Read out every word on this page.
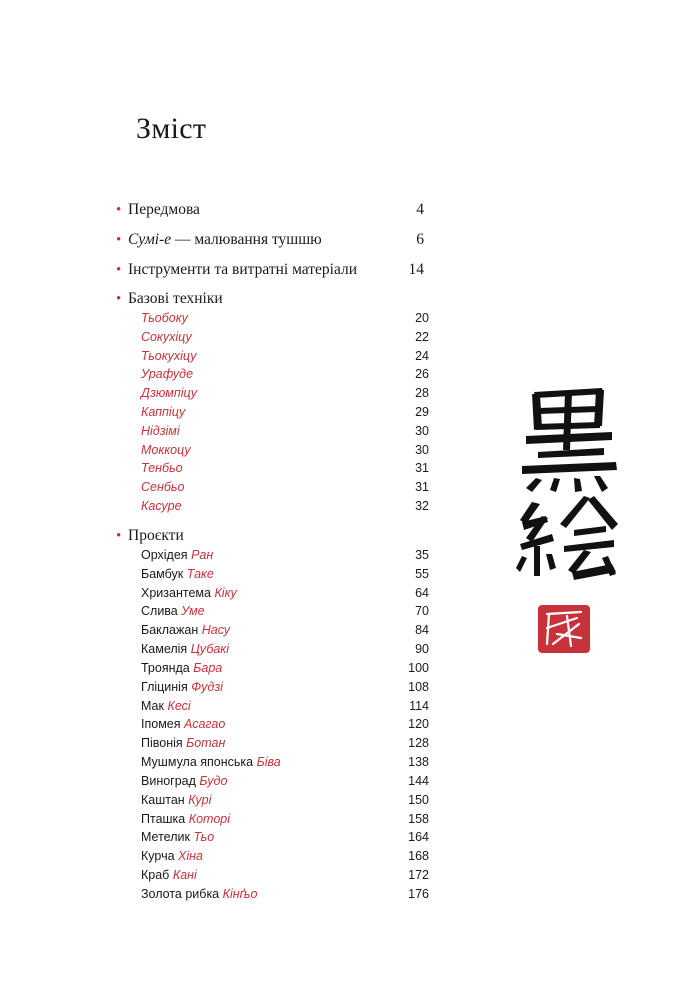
Зміст
• Передмова	4
• Сумі-е — малювання тушшю	6
• Інструменти та витратні матеріали	14
• Базові техніки
Тьобоку	20
Сокухіцу	22
Тьокухіцу	24
Урафуде	26
Дзюмпіцу	28
Каппіцу	29
Нідзімі	30
Моккоцу	30
Тенбьо	31
Сенбьо	31
Касуре	32
• Проєкти
Орхідея Ран	35
Бамбук Таке	55
Хризантема Кіку	64
Слива Уме	70
Баклажан Насу	84
Камелія Цубакі	90
Троянда Бара	100
Гліцинія Фудзі	108
Мак Кесі	114
Іпомея Асагао	120
Півонія Ботан	128
Мушмула японська Біва	138
Виноград Будо	144
Каштан Курі	150
Пташка Которі	158
Метелик Тьо	164
Курча Хіна	168
Краб Кані	172
Золота рибка Кінґьо	176
